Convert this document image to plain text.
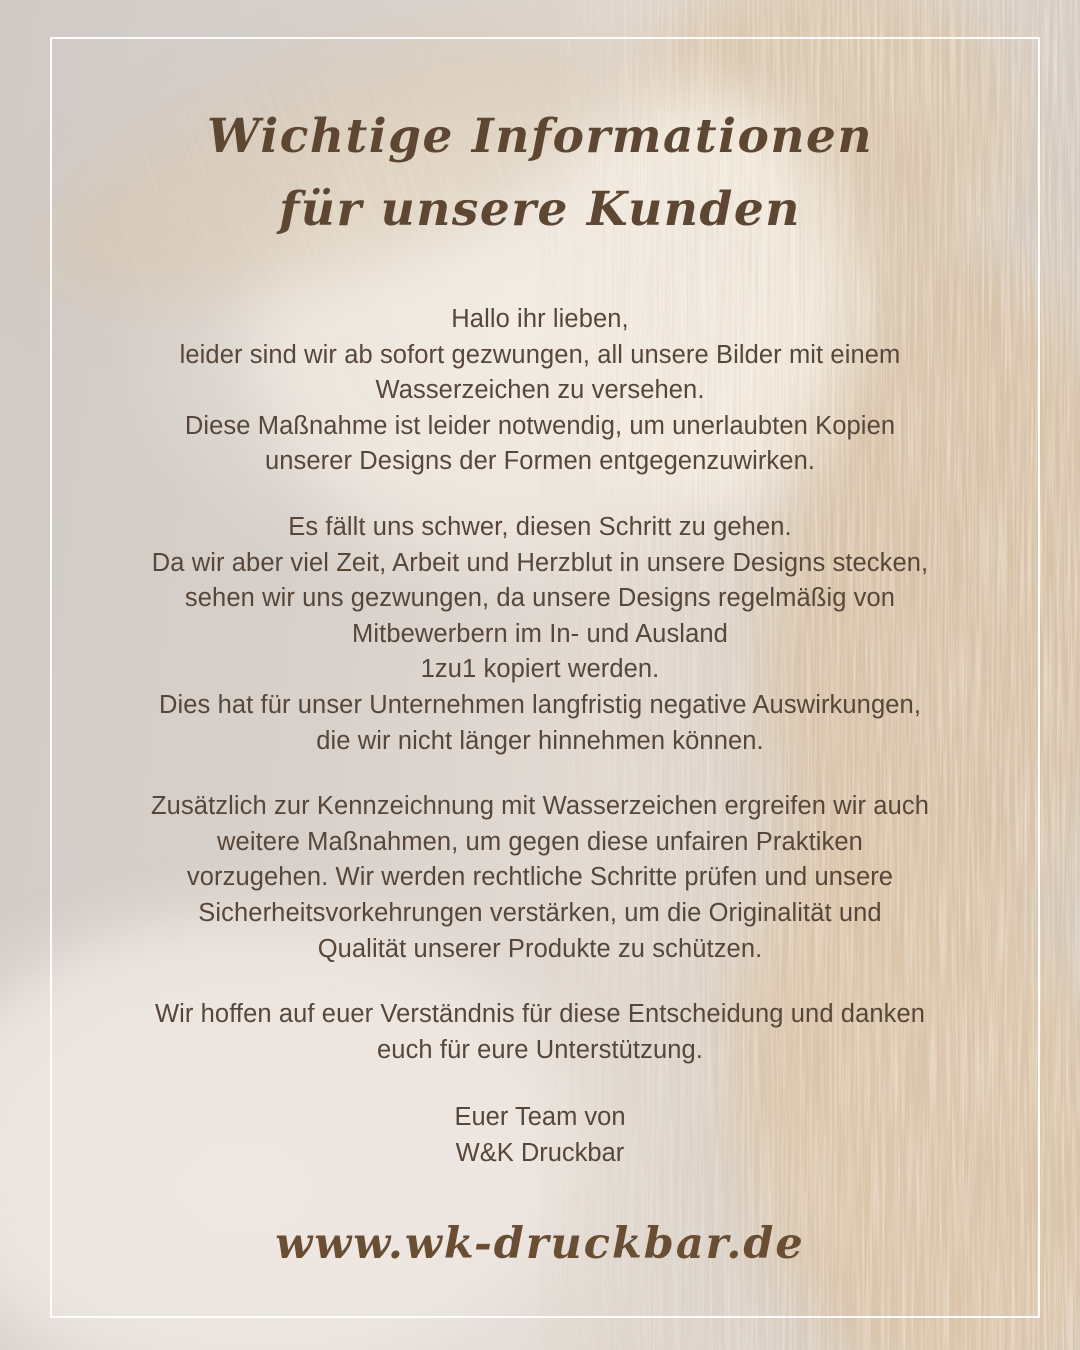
Wichtige Informationen
für unsere Kunden
Hallo ihr lieben,
leider sind wir ab sofort gezwungen, all unsere Bilder mit einem
Wasserzeichen zu versehen.
Diese Maßnahme ist leider notwendig, um unerlaubten Kopien
unserer Designs der Formen entgegenzuwirken.
Es fällt uns schwer, diesen Schritt zu gehen.
Da wir aber viel Zeit, Arbeit und Herzblut in unsere Designs stecken,
sehen wir uns gezwungen, da unsere Designs regelmäßig von
Mitbewerbern im In- und Ausland
1zu1 kopiert werden.
Dies hat für unser Unternehmen langfristig negative Auswirkungen,
die wir nicht länger hinnehmen können.
Zusätzlich zur Kennzeichnung mit Wasserzeichen ergreifen wir auch
weitere Maßnahmen, um gegen diese unfairen Praktiken
vorzugehen. Wir werden rechtliche Schritte prüfen und unsere
Sicherheitsvorkehrungen verstärken, um die Originalität und
Qualität unserer Produkte zu schützen.
Wir hoffen auf euer Verständnis für diese Entscheidung und danken
euch für eure Unterstützung.
Euer Team von
W&K Druckbar
www.wk-druckbar.de
